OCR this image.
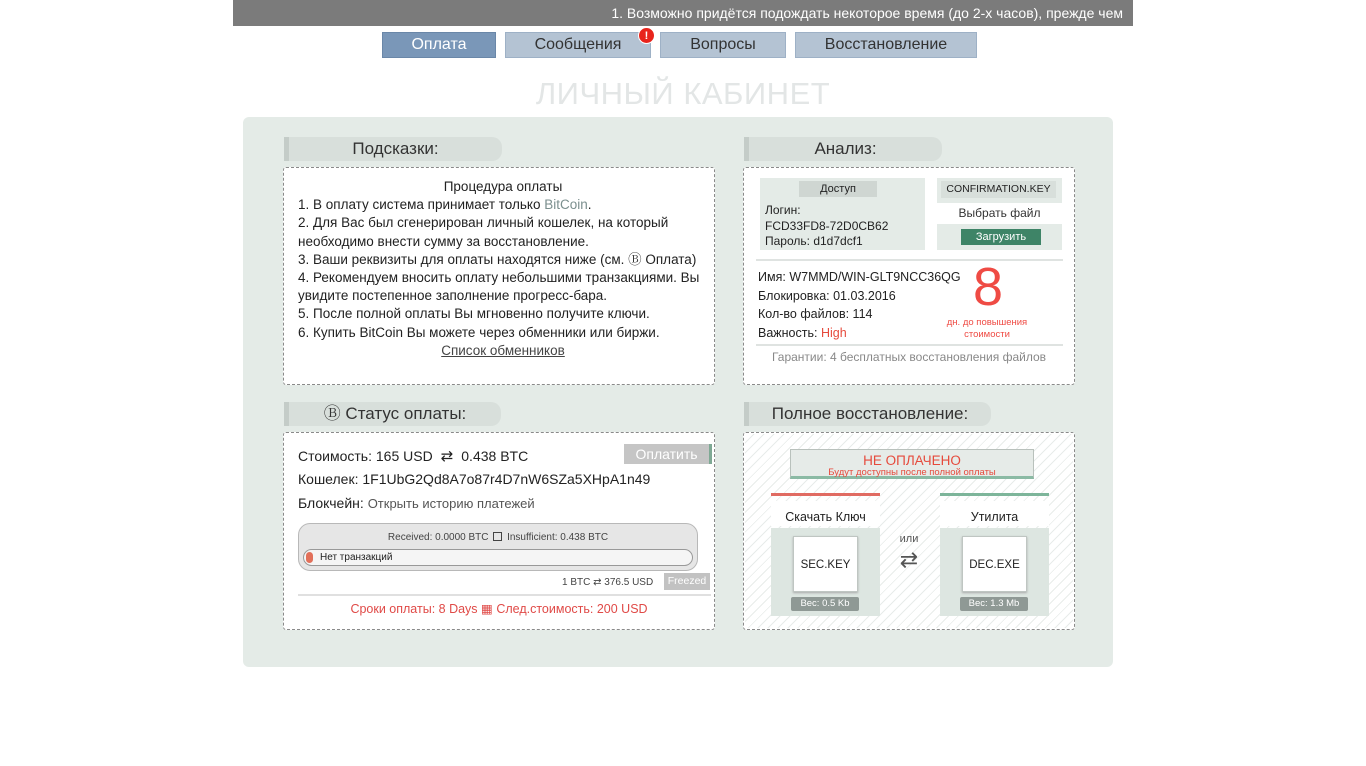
1. Возможно придётся подождать некоторое время (до 2-х часов), прежде чем
Оплата	Сообщения	!	Вопросы	Восстановление
ЛИЧНЫЙ КАБИНЕТ
Подсказки:
Процедура оплаты
1. В оплату система принимает только BitCoin.
2. Для Вас был сгенерирован личный кошелек, на который необходимо внести сумму за восстановление.
3. Ваши реквизиты для оплаты находятся ниже (см. Ⓑ Оплата)
4. Рекомендуем вносить оплату небольшими транзакциями. Вы увидите постепенное заполнение прогресс-бара.
5. После полной оплаты Вы мгновенно получите ключи.
6. Купить BitCoin Вы можете через обменники или биржи.
Список обменников
Анализ:
Доступ
Логин:
FCD33FD8-72D0CB62
Пароль: d1d7dcf1
CONFIRMATION.KEY
Выбрать файл
Загрузить
Имя: W7MMD/WIN-GLT9NCC36QG
Блокировка: 01.03.2016
Кол-во файлов: 114
Важность: High
8
дн. до повышения стоимости
Гарантии: 4 бесплатных восстановления файлов
Ⓑ Статус оплаты:
Стоимость: 165 USD ⇄ 0.438 BTC	Оплатить
Кошелек: 1F1UbG2Qd8A7o87r4D7nW6SZa5XHpA1n49
Блокчейн: Открыть историю платежей
Received: 0.0000 BTC Insufficient: 0.438 BTC
Нет транзакций
1 BTC ⇄ 376.5 USD	Freezed
Сроки оплаты: 8 Days ▦ След.стоимость: 200 USD
Полное восстановление:
НЕ ОПЛАЧЕНО
Будут доступны после полной оплаты
Скачать Ключ
SEC.KEY
Вес: 0.5 Kb
или
⇄
Утилита
DEC.EXE
Вес: 1.3 Mb
